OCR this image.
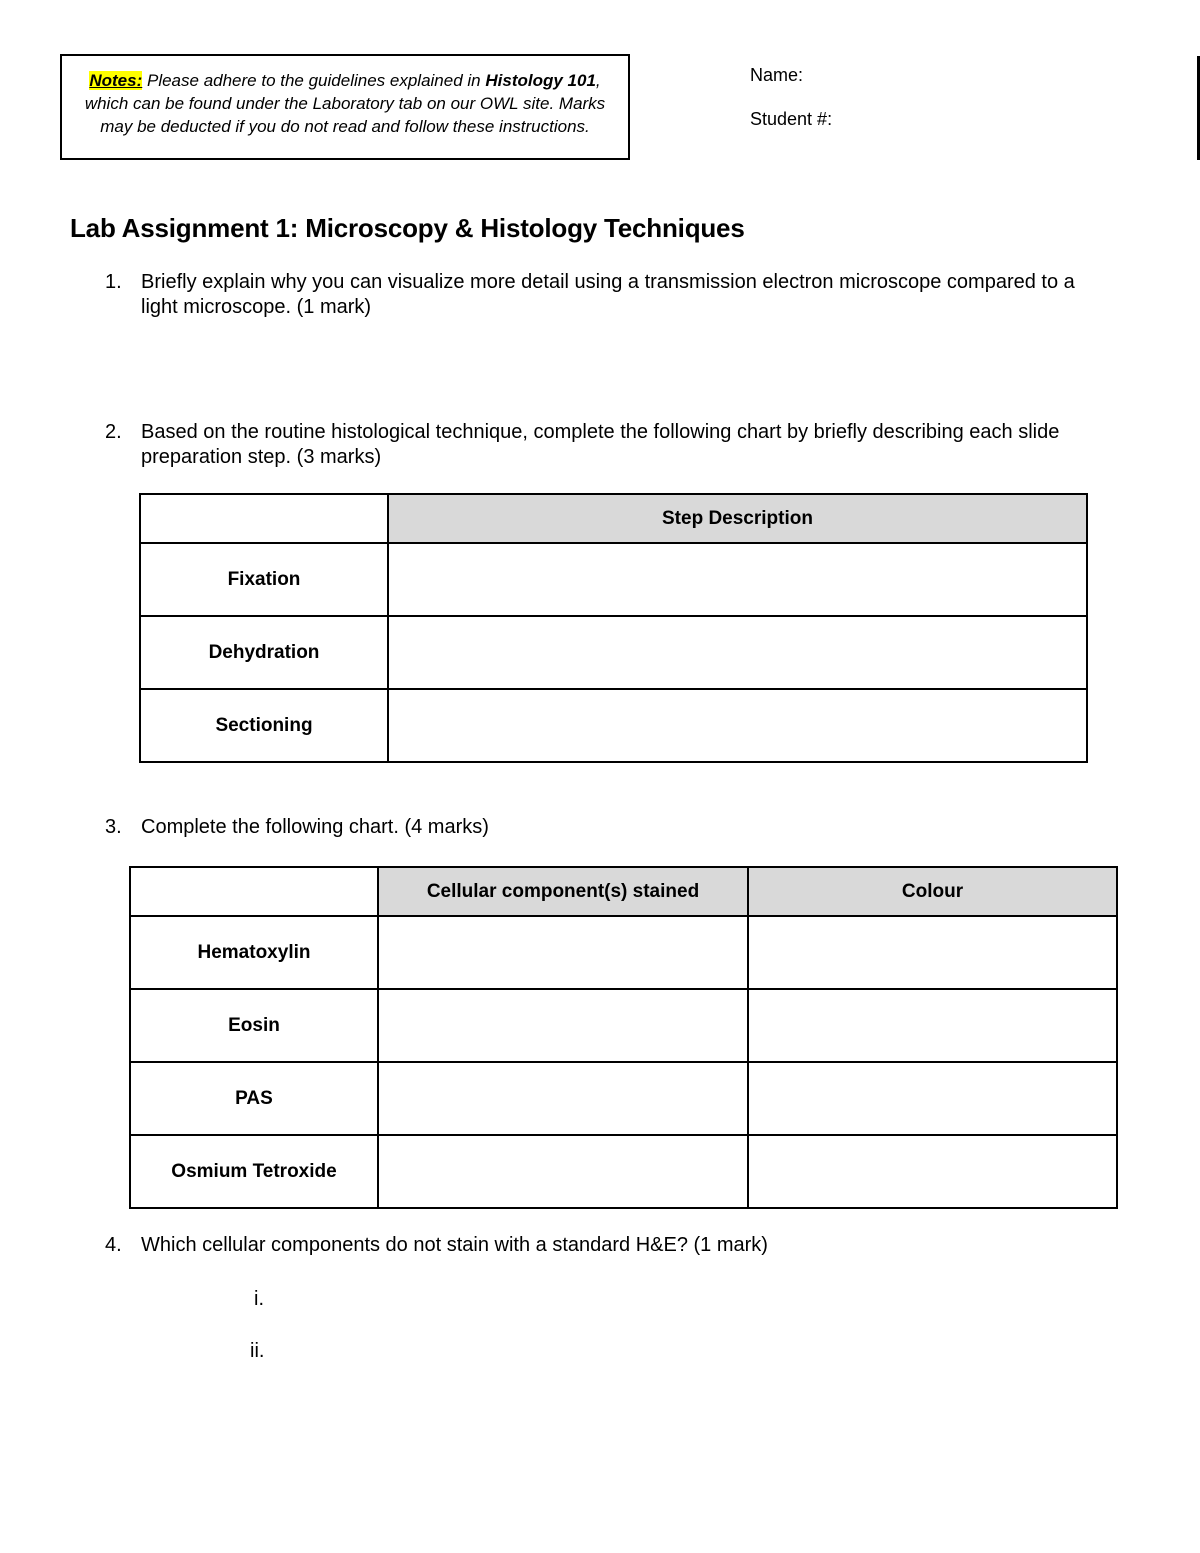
Notes: Please adhere to the guidelines explained in Histology 101,
which can be found under the Laboratory tab on our OWL site. Marks
may be deducted if you do not read and follow these instructions.
Name:
Student #:
Lab Assignment 1: Microscopy & Histology Techniques
1. Briefly explain why you can visualize more detail using a transmission electron microscope compared to a light microscope. (1 mark)
2. Based on the routine histological technique, complete the following chart by briefly describing each slide preparation step. (3 marks)
	Step Description
Fixation	
Dehydration	
Sectioning	
3. Complete the following chart. (4 marks)
	Cellular component(s) stained	Colour
Hematoxylin		
Eosin		
PAS		
Osmium Tetroxide		
4. Which cellular components do not stain with a standard H&E? (1 mark)
i.
ii.
